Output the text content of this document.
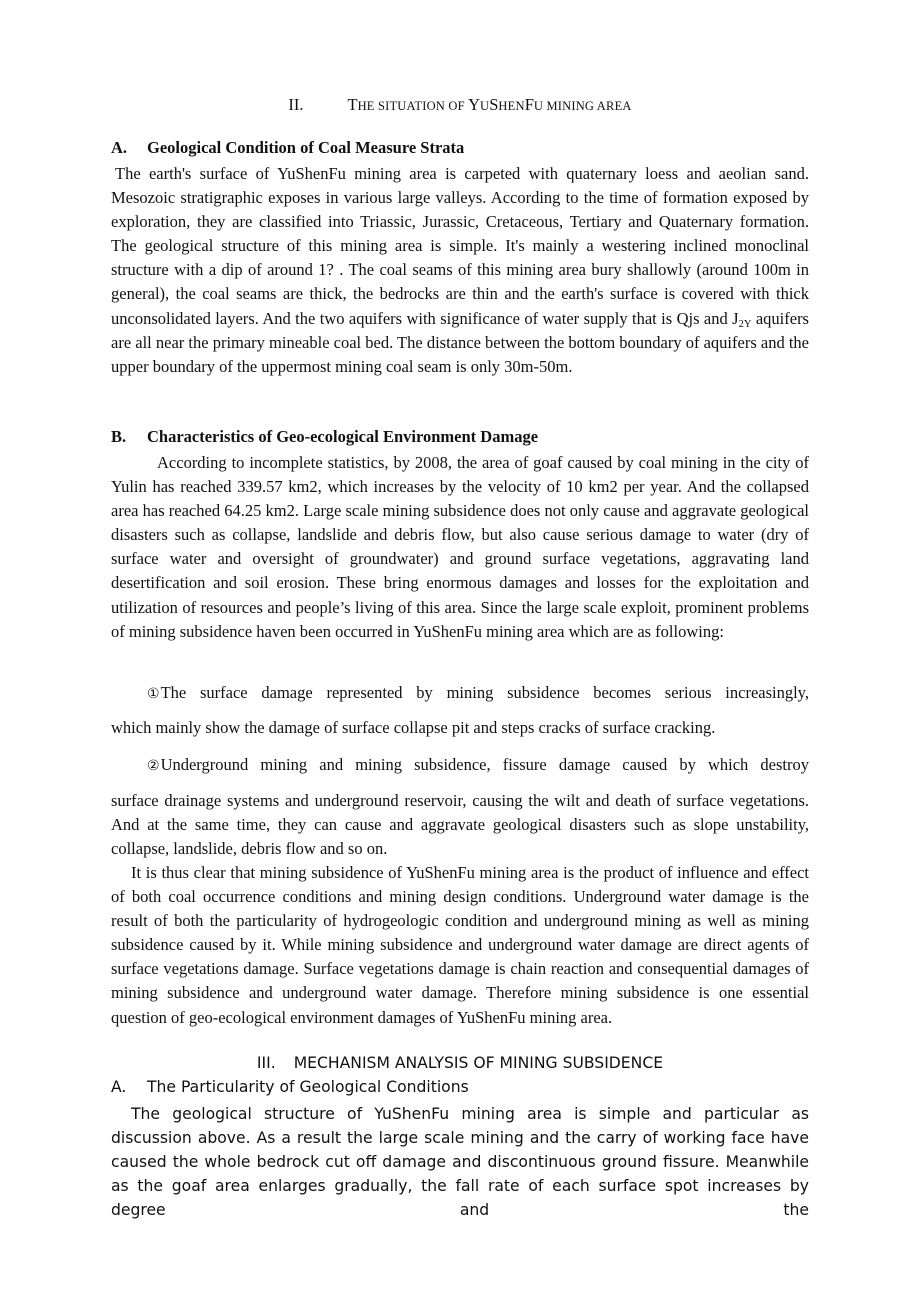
II.	THE SITUATION OF YUSHENFU MINING AREA
A. Geological Condition of Coal Measure Strata

The earth's surface of YuShenFu mining area is carpeted with quaternary loess and aeolian sand. Mesozoic stratigraphic exposes in various large valleys. According to the time of formation exposed by exploration, they are classified into Triassic, Jurassic, Cretaceous, Tertiary and Quaternary formation. The geological structure of this mining area is simple. It's mainly a westering inclined monoclinal structure with a dip of around 1? . The coal seams of this mining area bury shallowly (around 100m in general), the coal seams are thick, the bedrocks are thin and the earth's surface is covered with thick unconsolidated layers. And the two aquifers with significance of water supply that is Qjs and $J_{2Y}$ aquifers are all near the primary mineable coal bed. The distance between the bottom boundary of aquifers and the upper boundary of the uppermost mining coal seam is only 30m-50m.

B. Characteristics of Geo-ecological Environment Damage

According to incomplete statistics, by 2008, the area of goaf caused by coal mining in the city of Yulin has reached 339.57 km2, which increases by the velocity of 10 km2 per year. And the collapsed area has reached 64.25 km2. Large scale mining subsidence does not only cause and aggravate geological disasters such as collapse, landslide and debris flow, but also cause serious damage to water (dry of surface water and oversight of groundwater) and ground surface vegetations, aggravating land desertification and soil erosion. These bring enormous damages and losses for the exploitation and utilization of resources and people’s living of this area. Since the large scale exploit, prominent problems of mining subsidence haven been occurred in YuShenFu mining area which are as following:

①The surface damage represented by mining subsidence becomes serious increasingly,

which mainly show the damage of surface collapse pit and steps cracks of surface cracking.

②Underground mining and mining subsidence, fissure damage caused by which destroy

surface drainage systems and underground reservoir, causing the wilt and death of surface vegetations. And at the same time, they can cause and aggravate geological disasters such as slope unstability, collapse, landslide, debris flow and so on.

It is thus clear that mining subsidence of YuShenFu mining area is the product of influence and effect of both coal occurrence conditions and mining design conditions. Underground water damage is the result of both the particularity of hydrogeologic condition and underground mining as well as mining subsidence caused by it. While mining subsidence and underground water damage are direct agents of surface vegetations damage. Surface vegetations damage is chain reaction and consequential damages of mining subsidence and underground water damage. Therefore mining subsidence is one essential question of geo-ecological environment damages of YuShenFu mining area.

III. MECHANISM ANALYSIS OF MINING SUBSIDENCE
A. The Particularity of Geological Conditions

The geological structure of YuShenFu mining area is simple and particular as discussion above. As a result the large scale mining and the carry of working face have caused the whole bedrock cut off damage and discontinuous ground fissure. Meanwhile as the goaf area enlarges gradually, the fall rate of each surface spot increases by degree and the
